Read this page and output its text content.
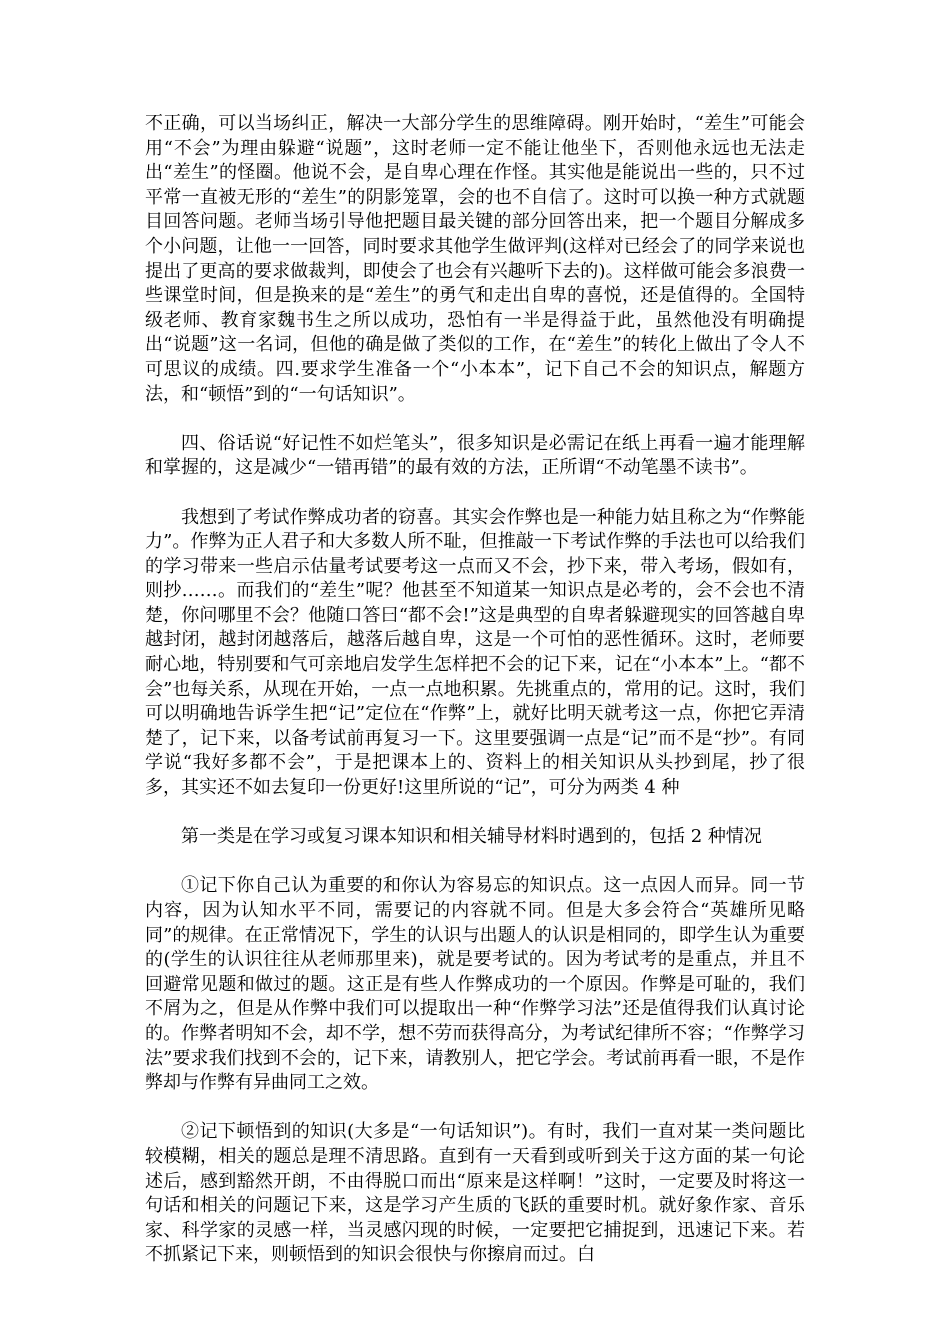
不正确，可以当场纠正，解决一大部分学生的思维障碍。刚开始时，“差生”可能会用“不会”为理由躲避“说题”，这时老师一定不能让他坐下，否则他永远也无法走出“差生”的怪圈。他说不会，是自卑心理在作怪。其实他是能说出一些的，只不过平常一直被无形的“差生”的阴影笼罩，会的也不自信了。这时可以换一种方式就题目回答问题。老师当场引导他把题目最关键的部分回答出来，把一个题目分解成多个小问题，让他一一回答，同时要求其他学生做评判(这样对已经会了的同学来说也提出了更高的要求做裁判，即使会了也会有兴趣听下去的)。这样做可能会多浪费一些课堂时间，但是换来的是“差生”的勇气和走出自卑的喜悦，还是值得的。全国特级老师、教育家魏书生之所以成功，恐怕有一半是得益于此，虽然他没有明确提出“说题”这一名词，但他的确是做了类似的工作，在“差生”的转化上做出了令人不可思议的成绩。四.要求学生准备一个“小本本”，记下自己不会的知识点，解题方法，和“顿悟”到的“一句话知识”。

四、俗话说“好记性不如烂笔头”，很多知识是必需记在纸上再看一遍才能理解和掌握的，这是减少“一错再错”的最有效的方法，正所谓“不动笔墨不读书”。

我想到了考试作弊成功者的窃喜。其实会作弊也是一种能力姑且称之为“作弊能力”。作弊为正人君子和大多数人所不耻，但推敲一下考试作弊的手法也可以给我们的学习带来一些启示估量考试要考这一点而又不会，抄下来，带入考场，假如有，则抄……。而我们的“差生”呢？他甚至不知道某一知识点是必考的，会不会也不清楚，你问哪里不会？他随口答曰“都不会!”这是典型的自卑者躲避现实的回答越自卑越封闭，越封闭越落后，越落后越自卑，这是一个可怕的恶性循环。这时，老师要耐心地，特别要和气可亲地启发学生怎样把不会的记下来，记在“小本本”上。“都不会”也每关系，从现在开始，一点一点地积累。先挑重点的，常用的记。这时，我们可以明确地告诉学生把“记”定位在“作弊”上，就好比明天就考这一点，你把它弄清楚了，记下来，以备考试前再复习一下。这里要强调一点是“记”而不是“抄”。有同学说“我好多都不会”，于是把课本上的、资料上的相关知识从头抄到尾，抄了很多，其实还不如去复印一份更好!这里所说的“记”，可分为两类 4 种

第一类是在学习或复习课本知识和相关辅导材料时遇到的，包括 2 种情况

①记下你自己认为重要的和你认为容易忘的知识点。这一点因人而异。同一节内容，因为认知水平不同，需要记的内容就不同。但是大多会符合“英雄所见略同”的规律。在正常情况下，学生的认识与出题人的认识是相同的，即学生认为重要的(学生的认识往往从老师那里来)，就是要考试的。因为考试考的是重点，并且不回避常见题和做过的题。这正是有些人作弊成功的一个原因。作弊是可耻的，我们不屑为之，但是从作弊中我们可以提取出一种“作弊学习法”还是值得我们认真讨论的。作弊者明知不会，却不学，想不劳而获得高分，为考试纪律所不容；“作弊学习法”要求我们找到不会的，记下来，请教别人，把它学会。考试前再看一眼，不是作弊却与作弊有异曲同工之效。

②记下顿悟到的知识(大多是“一句话知识”)。有时，我们一直对某一类问题比较模糊，相关的题总是理不清思路。直到有一天看到或听到关于这方面的某一句论述后，感到豁然开朗，不由得脱口而出“原来是这样啊！”这时，一定要及时将这一句话和相关的问题记下来，这是学习产生质的飞跃的重要时机。就好象作家、音乐家、科学家的灵感一样，当灵感闪现的时候，一定要把它捕捉到，迅速记下来。若不抓紧记下来，则顿悟到的知识会很快与你擦肩而过。白
